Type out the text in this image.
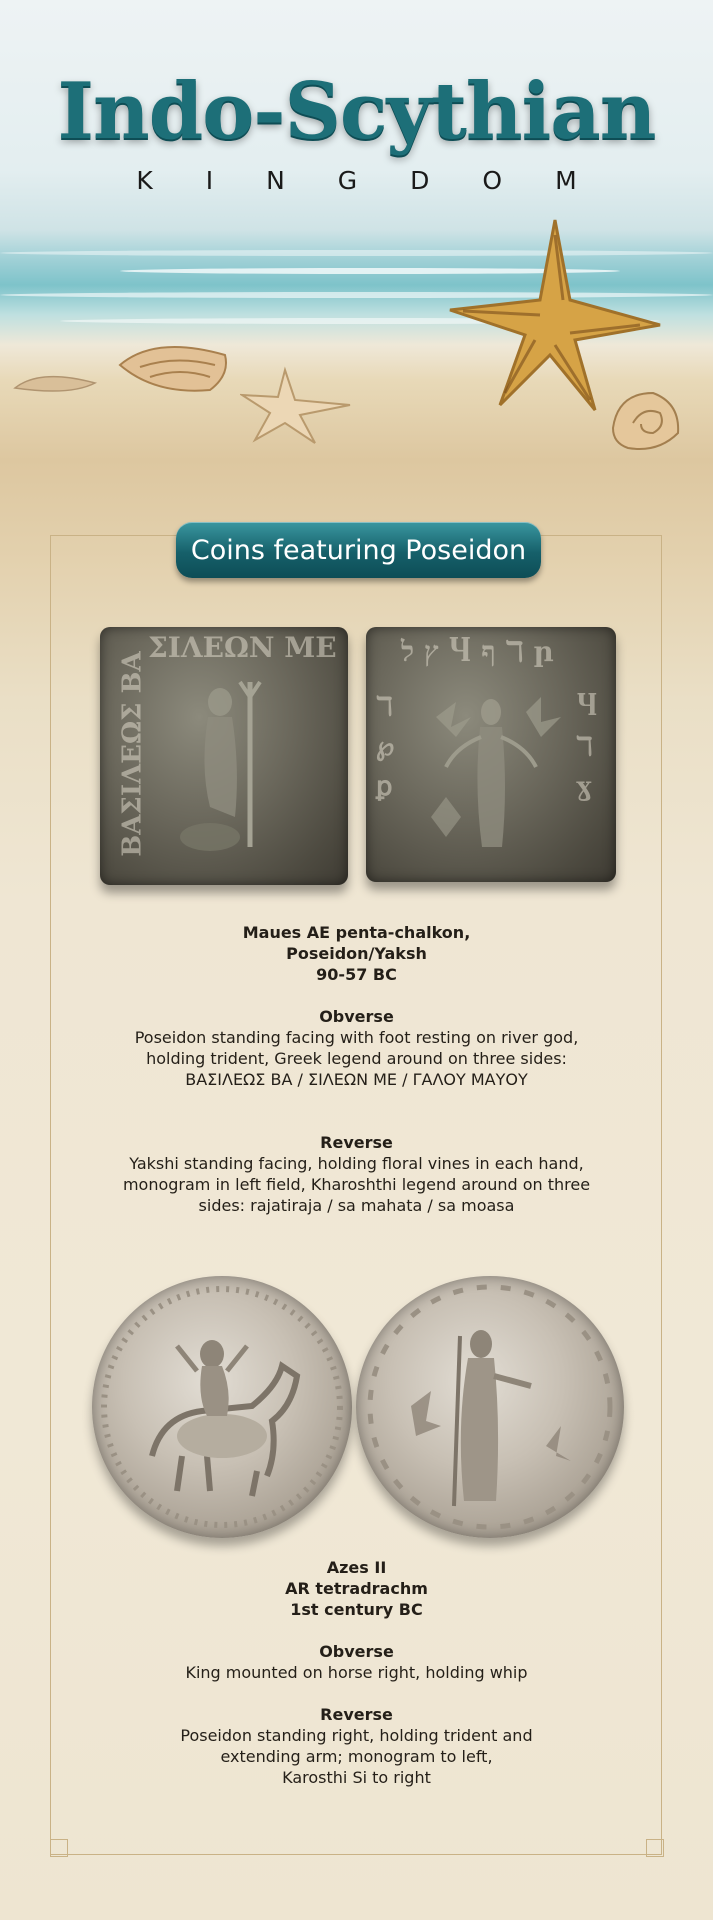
Indo-Scythian
KINGDOM
Coins featuring Poseidon
ΣΙΛΕΩΝ ΜΕ
ΒΑΣΙΛΕΩΣ ΒΑ	ץ ל Ⴗ ף ℸ ր
ℸ
℘
ꝑ
Ⴗ
ℸ
ɣ
Maues AE penta-chalkon,
Poseidon/Yaksh
90-57 BC
Obverse
Poseidon standing facing with foot resting on river god, holding trident, Greek legend around on three sides: ΒΑΣΙΛΕΩΣ ΒΑ / ΣΙΛΕΩΝ ΜΕ / ΓΑΛΟΥ ΜΑΥΟΥ
Reverse
Yakshi standing facing, holding floral vines in each hand, monogram in left field, Kharoshthi legend around on three sides: rajatiraja / sa mahata / sa moasa
Azes II
AR tetradrachm
1st century BC
Obverse
King mounted on horse right, holding whip
Reverse
Poseidon standing right, holding trident and
extending arm; monogram to left,
Karosthi Si to right
